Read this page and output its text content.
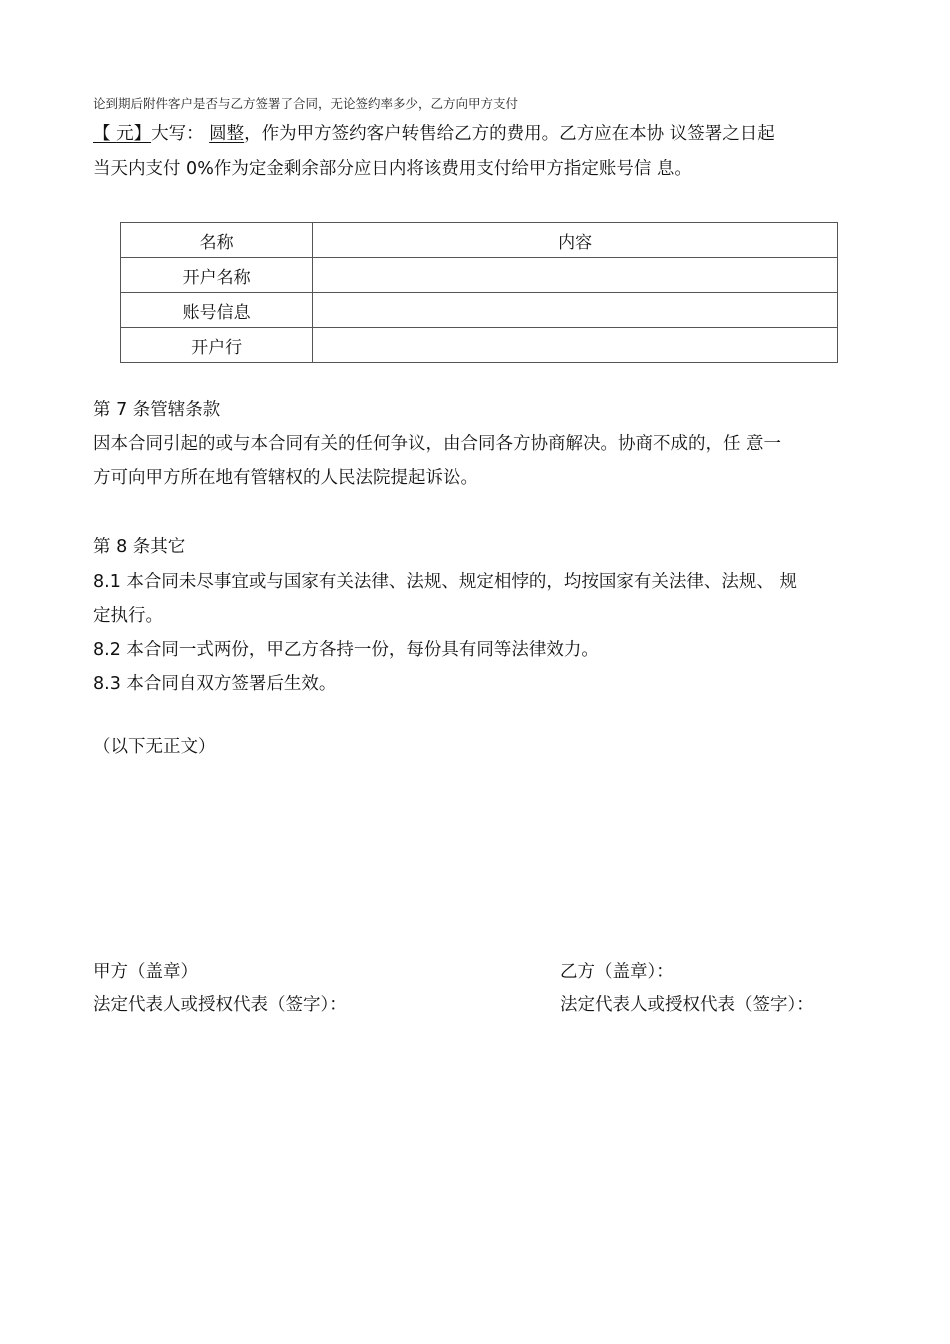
论到期后附件客户是否与乙方签署了合同，无论签约率多少，乙方向甲方支付
【 元】大写： 圆整，作为甲方签约客户转售给乙方的费用。乙方应在本协 议签署之日起
当天内支付 0%作为定金剩余部分应日内将该费用支付给甲方指定账号信 息。
名称	内容
开户名称	
账号信息	
开户行	
第 7 条管辖条款
因本合同引起的或与本合同有关的任何争议，由合同各方协商解决。协商不成的，任 意一
方可向甲方所在地有管辖权的人民法院提起诉讼。
第 8 条其它
8.1 本合同未尽事宜或与国家有关法律、法规、规定相悖的，均按国家有关法律、法规、 规
定执行。
8.2 本合同一式两份，甲乙方各持一份，每份具有同等法律效力。
8.3 本合同自双方签署后生效。
（以下无正文）
甲方（盖章）
法定代表人或授权代表（签字）：
乙方（盖章）：
法定代表人或授权代表（签字）：
